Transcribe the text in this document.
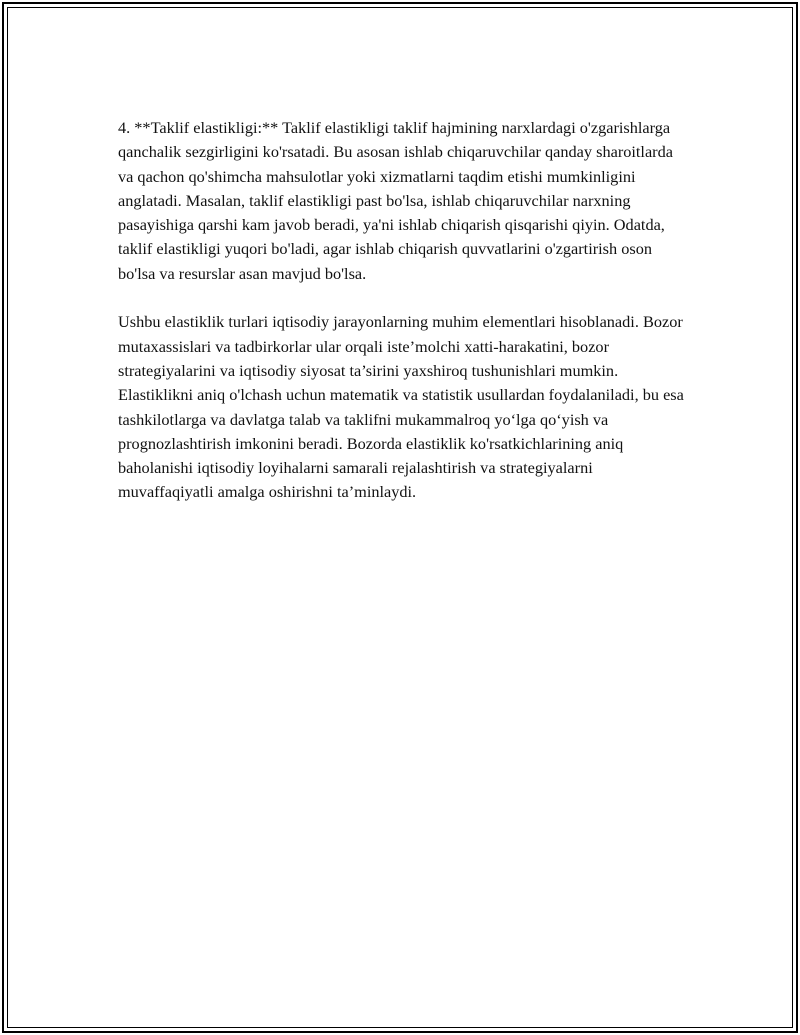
4. **Taklif elastikligi:** Taklif elastikligi taklif hajmining narxlardagi o'zgarishlarga qanchalik sezgirligini ko'rsatadi. Bu asosan ishlab chiqaruvchilar qanday sharoitlarda va qachon qo'shimcha mahsulotlar yoki xizmatlarni taqdim etishi mumkinligini anglatadi. Masalan, taklif elastikligi past bo'lsa, ishlab chiqaruvchilar narxning pasayishiga qarshi kam javob beradi, ya'ni ishlab chiqarish qisqarishi qiyin. Odatda, taklif elastikligi yuqori bo'ladi, agar ishlab chiqarish quvvatlarini o'zgartirish oson bo'lsa va resurslar asan mavjud bo'lsa.

Ushbu elastiklik turlari iqtisodiy jarayonlarning muhim elementlari hisoblanadi. Bozor mutaxassislari va tadbirkorlar ular orqali iste’molchi xatti-harakatini, bozor strategiyalarini va iqtisodiy siyosat ta’sirini yaxshiroq tushunishlari mumkin. Elastiklikni aniq o'lchash uchun matematik va statistik usullardan foydalaniladi, bu esa tashkilotlarga va davlatga talab va taklifni mukammalroq yo‘lga qo‘yish va prognozlashtirish imkonini beradi. Bozorda elastiklik ko'rsatkichlarining aniq baholanishi iqtisodiy loyihalarni samarali rejalashtirish va strategiyalarni muvaffaqiyatli amalga oshirishni ta’minlaydi.
